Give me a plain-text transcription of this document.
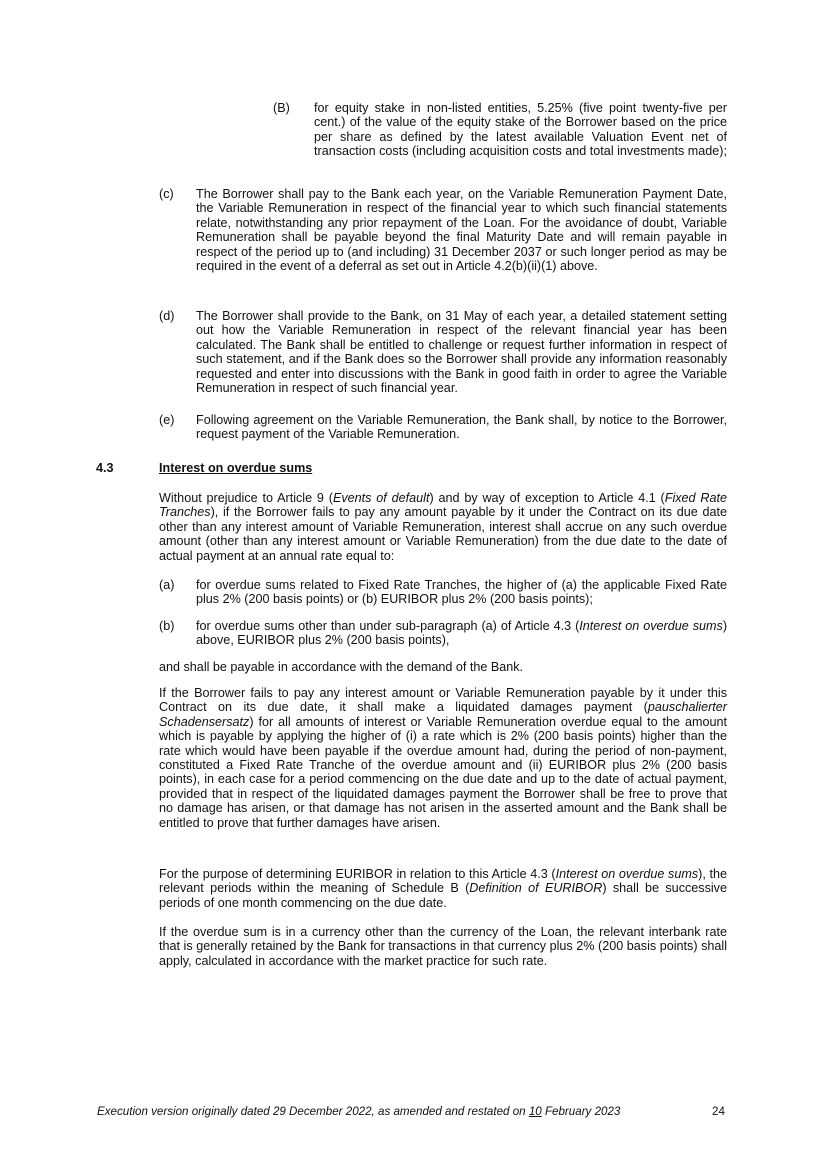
(B) for equity stake in non-listed entities, 5.25% (five point twenty-five per cent.) of the value of the equity stake of the Borrower based on the price per share as defined by the latest available Valuation Event net of transaction costs (including acquisition costs and total investments made);

(c) The Borrower shall pay to the Bank each year, on the Variable Remuneration Payment Date, the Variable Remuneration in respect of the financial year to which such financial statements relate, notwithstanding any prior repayment of the Loan. For the avoidance of doubt, Variable Remuneration shall be payable beyond the final Maturity Date and will remain payable in respect of the period up to (and including) 31 December 2037 or such longer period as may be required in the event of a deferral as set out in Article 4.2(b)(ii)(1) above.

(d) The Borrower shall provide to the Bank, on 31 May of each year, a detailed statement setting out how the Variable Remuneration in respect of the relevant financial year has been calculated. The Bank shall be entitled to challenge or request further information in respect of such statement, and if the Bank does so the Borrower shall provide any information reasonably requested and enter into discussions with the Bank in good faith in order to agree the Variable Remuneration in respect of such financial year.

(e) Following agreement on the Variable Remuneration, the Bank shall, by notice to the Borrower, request payment of the Variable Remuneration.

4.3	Interest on overdue sums

Without prejudice to Article 9 (Events of default) and by way of exception to Article 4.1 (Fixed Rate Tranches), if the Borrower fails to pay any amount payable by it under the Contract on its due date other than any interest amount of Variable Remuneration, interest shall accrue on any such overdue amount (other than any interest amount or Variable Remuneration) from the due date to the date of actual payment at an annual rate equal to:

(a) for overdue sums related to Fixed Rate Tranches, the higher of (a) the applicable Fixed Rate plus 2% (200 basis points) or (b) EURIBOR plus 2% (200 basis points);

(b) for overdue sums other than under sub-paragraph (a) of Article 4.3 (Interest on overdue sums) above, EURIBOR plus 2% (200 basis points),

and shall be payable in accordance with the demand of the Bank.

If the Borrower fails to pay any interest amount or Variable Remuneration payable by it under this Contract on its due date, it shall make a liquidated damages payment (pauschalierter Schadensersatz) for all amounts of interest or Variable Remuneration overdue equal to the amount which is payable by applying the higher of (i) a rate which is 2% (200 basis points) higher than the rate which would have been payable if the overdue amount had, during the period of non-payment, constituted a Fixed Rate Tranche of the overdue amount and (ii) EURIBOR plus 2% (200 basis points), in each case for a period commencing on the due date and up to the date of actual payment, provided that in respect of the liquidated damages payment the Borrower shall be free to prove that no damage has arisen, or that damage has not arisen in the asserted amount and the Bank shall be entitled to prove that further damages have arisen.

For the purpose of determining EURIBOR in relation to this Article 4.3 (Interest on overdue sums), the relevant periods within the meaning of Schedule B (Definition of EURIBOR) shall be successive periods of one month commencing on the due date.

If the overdue sum is in a currency other than the currency of the Loan, the relevant interbank rate that is generally retained by the Bank for transactions in that currency plus 2% (200 basis points) shall apply, calculated in accordance with the market practice for such rate.

Execution version originally dated 29 December 2022, as amended and restated on 10 February 2023	24
